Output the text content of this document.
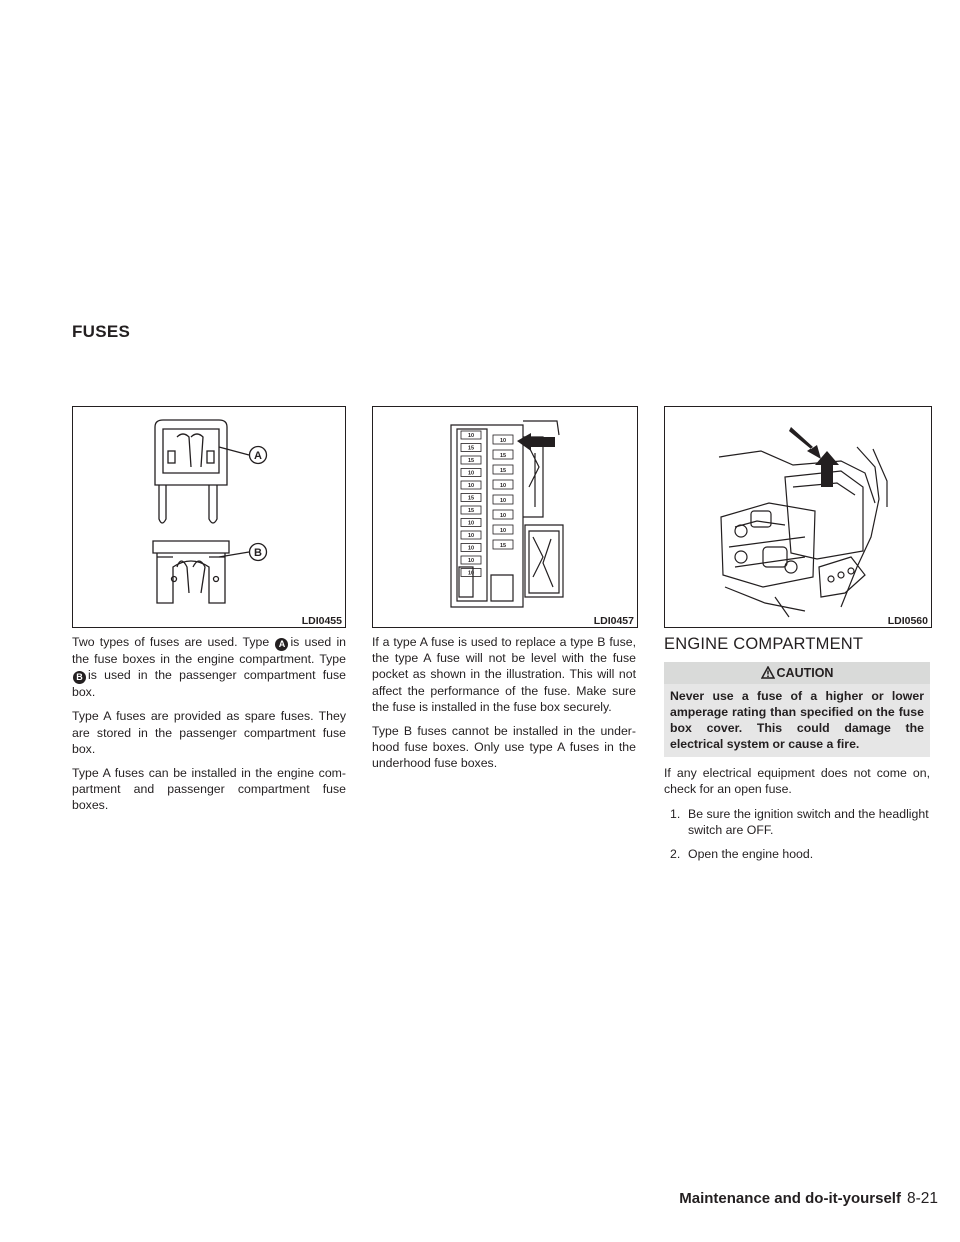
FUSES
A
B
LDI0455
10
15
15
10
10
15
15
10
10
10
10
10
10
15
15
10
10
10
10
15
LDI0457	LDI0560

Two types of fuses are used. Type A is used in the fuse boxes in the engine compartment. Type B is used in the passenger compartment fuse box.

Type A fuses are provided as spare fuses. They are stored in the passenger compartment fuse box.

Type A fuses can be installed in the engine com-partment and passenger compartment fuse boxes.

If a type A fuse is used to replace a type B fuse, the type A fuse will not be level with the fuse pocket as shown in the illustration. This will not affect the performance of the fuse. Make sure the fuse is installed in the fuse box securely.

Type B fuses cannot be installed in the under-hood fuse boxes. Only use type A fuses in the underhood fuse boxes.

ENGINE COMPARTMENT
CAUTION
Never use a fuse of a higher or lower amperage rating than specified on the fuse box cover. This could damage the electrical system or cause a fire.

If any electrical equipment does not come on, check for an open fuse.

1. Be sure the ignition switch and the headlight switch are OFF.
2. Open the engine hood.
Maintenance and do-it-yourself 8-21
